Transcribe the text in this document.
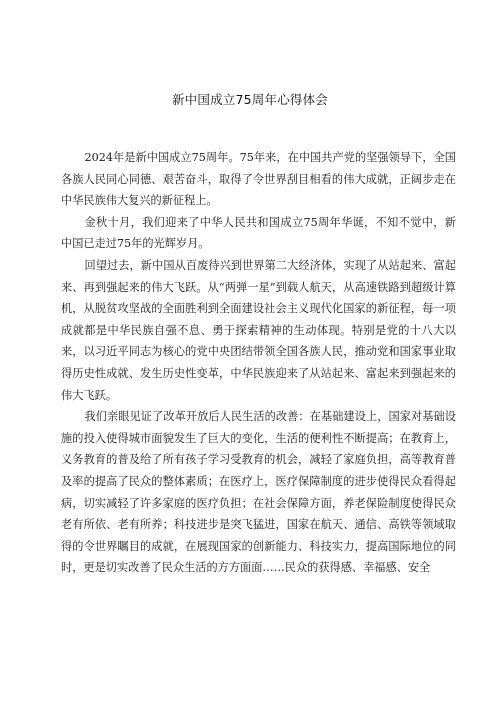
新中国成立75周年心得体会

2024年是新中国成立75周年。75年来，在中国共产党的坚强领导下，全国各族人民同心同德、艰苦奋斗，取得了令世界刮目相看的伟大成就，正阔步走在中华民族伟大复兴的新征程上。

金秋十月，我们迎来了中华人民共和国成立75周年华诞，不知不觉中，新中国已走过75年的光辉岁月。

回望过去，新中国从百废待兴到世界第二大经济体，实现了从站起来、富起来、再到强起来的伟大飞跃。从“两弹一星”到载人航天，从高速铁路到超级计算机，从脱贫攻坚战的全面胜利到全面建设社会主义现代化国家的新征程，每一项成就都是中华民族自强不息、勇于探索精神的生动体现。特别是党的十八大以来，以习近平同志为核心的党中央团结带领全国各族人民，推动党和国家事业取得历史性成就、发生历史性变革，中华民族迎来了从站起来、富起来到强起来的伟大飞跃。

我们亲眼见证了改革开放后人民生活的改善：在基础建设上，国家对基础设施的投入使得城市面貌发生了巨大的变化，生活的便利性不断提高；在教育上，义务教育的普及给了所有孩子学习受教育的机会，减轻了家庭负担，高等教育普及率的提高了民众的整体素质；在医疗上，医疗保障制度的进步使得民众看得起病，切实减轻了许多家庭的医疗负担；在社会保障方面，养老保险制度使得民众老有所依、老有所养；科技进步是突飞猛进，国家在航天、通信、高铁等领域取得的令世界瞩目的成就，在展现国家的创新能力、科技实力，提高国际地位的同时，更是切实改善了民众生活的方方面面……民众的获得感、幸福感、安全
